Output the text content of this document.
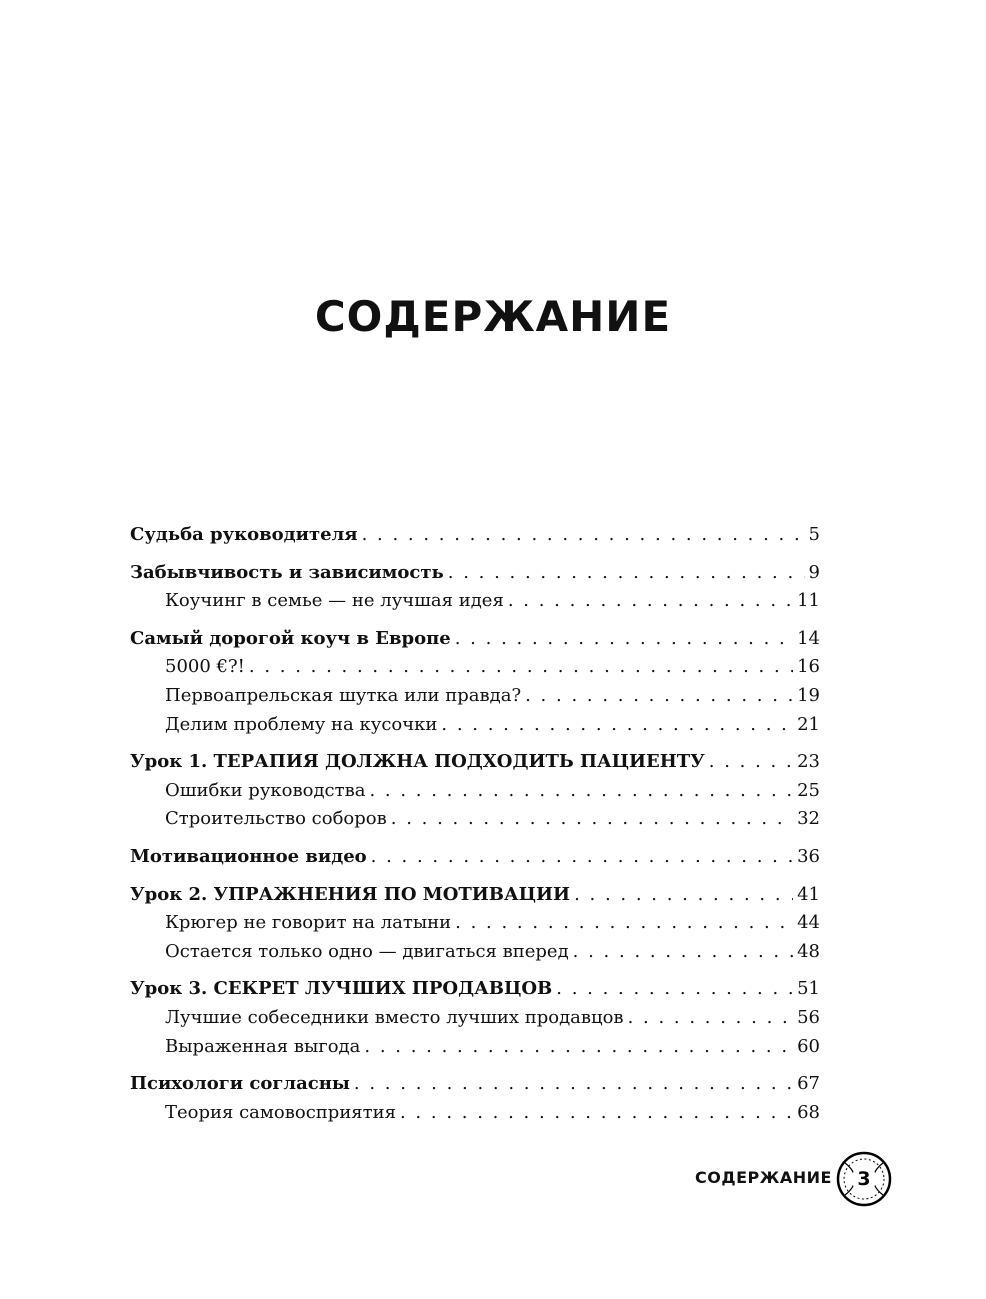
СОДЕРЖАНИЕ
Судьба руководителя . . .	5
Забывчивость и зависимость . . .	9
Коучинг в семье — не лучшая идея . . .	11
Самый дорогой коуч в Европе . . .	14
5000 €?! . . .	16
Первоапрельская шутка или правда? . . .	19
Делим проблему на кусочки . . .	21
Урок 1. ТЕРАПИЯ ДОЛЖНА ПОДХОДИТЬ ПАЦИЕНТУ . . .	23
Ошибки руководства . . .	25
Строительство соборов . . .	32
Мотивационное видео . . .	36
Урок 2. УПРАЖНЕНИЯ ПО МОТИВАЦИИ . . .	41
Крюгер не говорит на латыни . . .	44
Остается только одно — двигаться вперед . . .	48
Урок 3. СЕКРЕТ ЛУЧШИХ ПРОДАВЦОВ . . .	51
Лучшие собеседники вместо лучших продавцов . . .	56
Выраженная выгода . . .	60
Психологи согласны . . .	67
Теория самовосприятия . . .	68
СОДЕРЖАНИЕ	3
